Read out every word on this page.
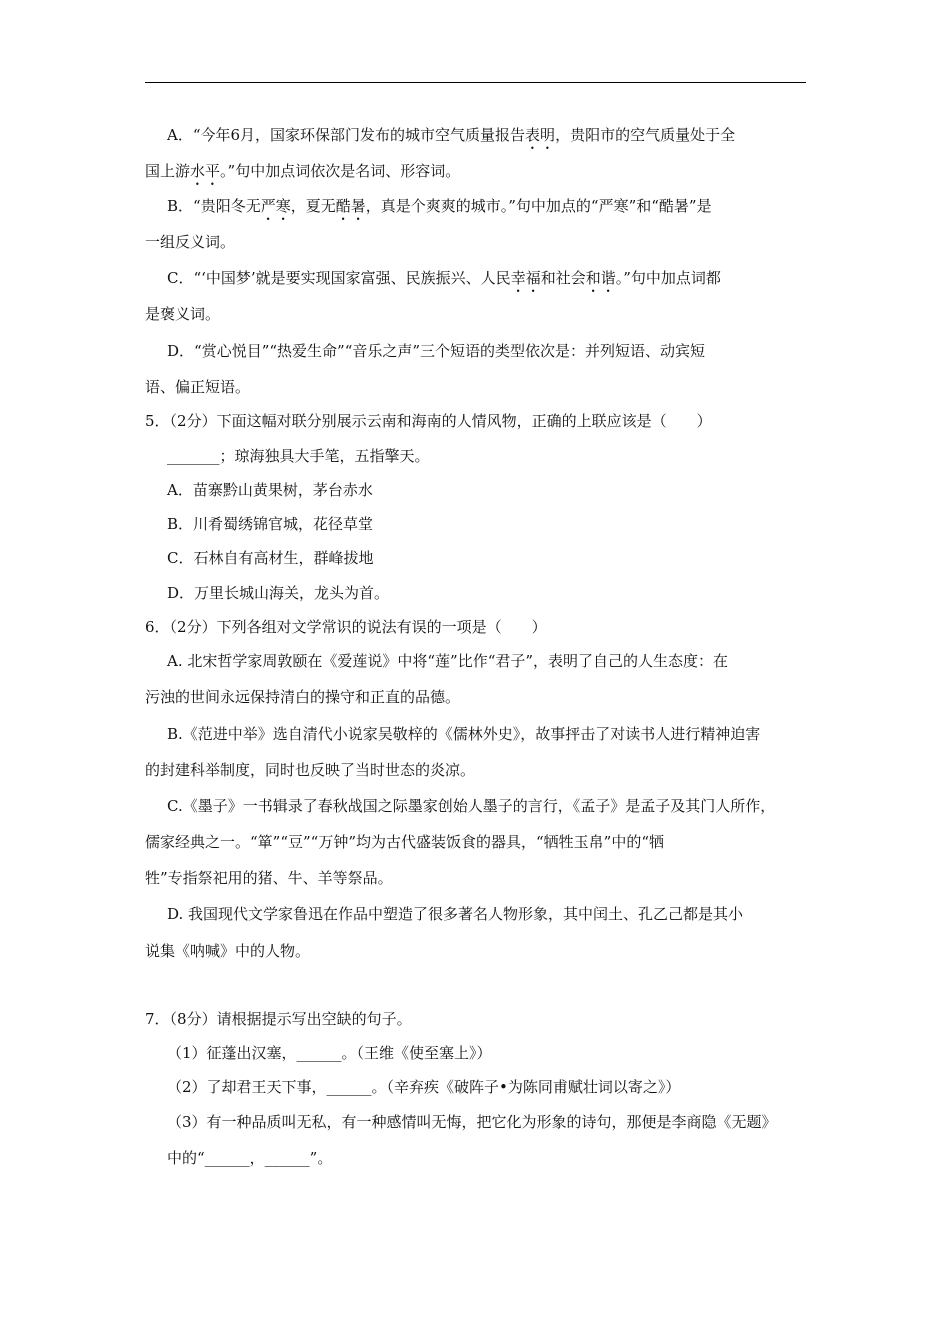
A．“今年6月，国家环保部门发布的城市空气质量报告表明，贵阳市的空气质量处于全
国上游水平。”句中加点词依次是名词、形容词。
B．“贵阳冬无严寒，夏无酷暑，真是个爽爽的城市。”句中加点的“严寒”和“酷暑”是
一组反义词。
C．“‘中国梦’就是要实现国家富强、民族振兴、人民幸福和社会和谐。”句中加点词都
是褒义词。
D．“赏心悦目”“热爱生命”“音乐之声”三个短语的类型依次是：并列短语、动宾短
语、偏正短语。
5．（2分）下面这幅对联分别展示云南和海南的人情风物，正确的上联应该是（　　）
_______；琼海独具大手笔，五指擎天。
A．苗寨黔山黄果树，茅台赤水
B．川肴蜀绣锦官城，花径草堂
C．石林自有高材生，群峰拔地
D．万里长城山海关，龙头为首。
6．（2分）下列各组对文学常识的说法有误的一项是（　　）
A. 北宋哲学家周敦颐在《爱莲说》中将“莲”比作“君子”，表明了自己的人生态度：在
污浊的世间永远保持清白的操守和正直的品德。
B.《范进中举》选自清代小说家吴敬梓的《儒林外史》，故事抨击了对读书人进行精神迫害
的封建科举制度，同时也反映了当时世态的炎凉。
C.《墨子》一书辑录了春秋战国之际墨家创始人墨子的言行，《孟子》是孟子及其门人所作，
儒家经典之一。“箪”“豆”“万钟”均为古代盛装饭食的器具，“牺牲玉帛”中的“牺
牲”专指祭祀用的猪、牛、羊等祭品。
D. 我国现代文学家鲁迅在作品中塑造了很多著名人物形象，其中闰土、孔乙己都是其小
说集《呐喊》中的人物。
7．（8分）请根据提示写出空缺的句子。
（1）征蓬出汉塞，______。（王维《使至塞上》）
（2）了却君王天下事，______。（辛弃疾《破阵子•为陈同甫赋壮词以寄之》）
（3）有一种品质叫无私，有一种感情叫无悔，把它化为形象的诗句，那便是李商隐《无题》
中的“______，______”。
